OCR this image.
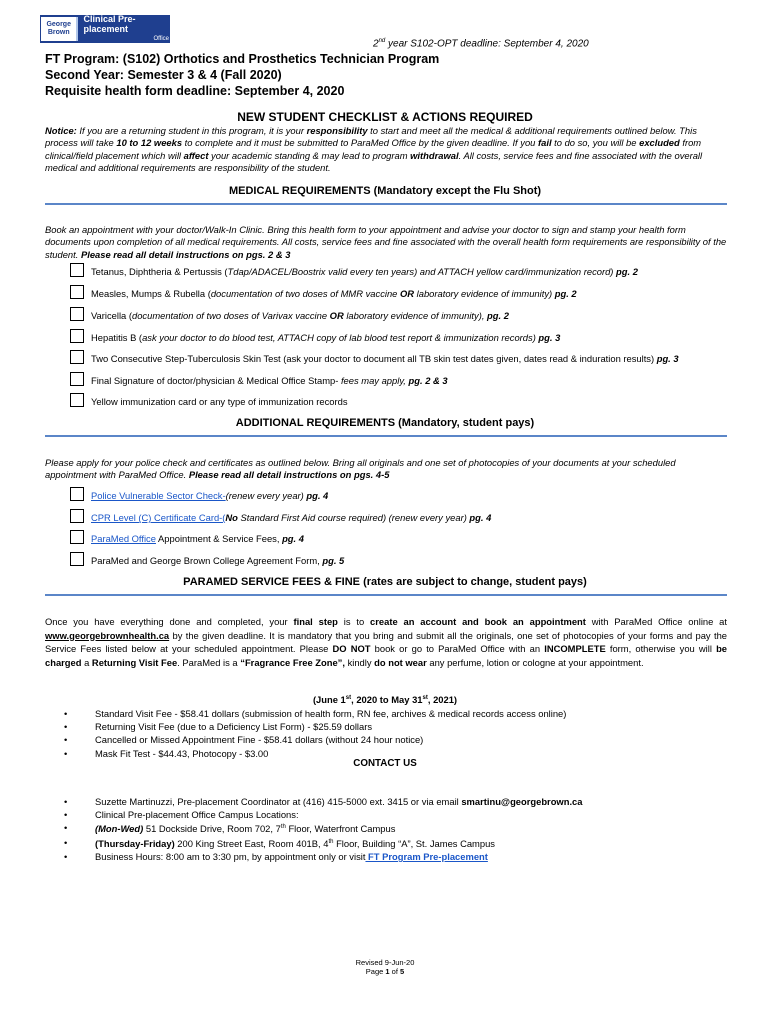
George Brown
Clinical Pre-placement
Office	2nd year S102-OPT deadline: September 4, 2020
FT Program: (S102) Orthotics and Prosthetics Technician Program
Second Year: Semester 3 & 4 (Fall 2020)
Requisite health form deadline: September 4, 2020
NEW STUDENT CHECKLIST & ACTIONS REQUIRED
Notice: If you are a returning student in this program, it is your responsibility to start and meet all the medical & additional requirements outlined below. This process will take 10 to 12 weeks to complete and it must be submitted to ParaMed Office by the given deadline. If you fail to do so, you will be excluded from clinical/field placement which will affect your academic standing & may lead to program withdrawal. All costs, service fees and fine associated with the overall medical and additional requirements are responsibility of the student.
MEDICAL REQUIREMENTS (Mandatory except the Flu Shot)
Book an appointment with your doctor/Walk-In Clinic. Bring this health form to your appointment and advise your doctor to sign and stamp your health form documents upon completion of all medical requirements. All costs, service fees and fine associated with the overall health form requirements are responsibility of the student. Please read all detail instructions on pgs. 2 & 3
Tetanus, Diphtheria & Pertussis (Tdap/ADACEL/Boostrix valid every ten years) and ATTACH yellow card/immunization record) pg. 2
Measles, Mumps & Rubella (documentation of two doses of MMR vaccine OR laboratory evidence of immunity) pg. 2
Varicella (documentation of two doses of Varivax vaccine OR laboratory evidence of immunity), pg. 2
Hepatitis B (ask your doctor to do blood test, ATTACH copy of lab blood test report & immunization records) pg. 3
Two Consecutive Step-Tuberculosis Skin Test (ask your doctor to document all TB skin test dates given, dates read & induration results) pg. 3
Final Signature of doctor/physician & Medical Office Stamp- fees may apply, pg. 2 & 3
Yellow immunization card or any type of immunization records
ADDITIONAL REQUIREMENTS (Mandatory, student pays)
Please apply for your police check and certificates as outlined below. Bring all originals and one set of photocopies of your documents at your scheduled appointment with ParaMed Office. Please read all detail instructions on pgs. 4-5
Police Vulnerable Sector Check-(renew every year) pg. 4
CPR Level (C) Certificate Card-(No Standard First Aid course required) (renew every year) pg. 4
ParaMed Office Appointment & Service Fees, pg. 4
ParaMed and George Brown College Agreement Form, pg. 5
PARAMED SERVICE FEES & FINE (rates are subject to change, student pays)
Once you have everything done and completed, your final step is to create an account and book an appointment with ParaMed Office online at www.georgebrownhealth.ca by the given deadline. It is mandatory that you bring and submit all the originals, one set of photocopies of your forms and pay the Service Fees listed below at your scheduled appointment. Please DO NOT book or go to ParaMed Office with an INCOMPLETE form, otherwise you will be charged a Returning Visit Fee. ParaMed is a “Fragrance Free Zone”, kindly do not wear any perfume, lotion or cologne at your appointment.
(June 1st, 2020 to May 31st, 2021)
• Standard Visit Fee - $58.41 dollars (submission of health form, RN fee, archives & medical records access online)
• Returning Visit Fee (due to a Deficiency List Form) - $25.59 dollars
• Cancelled or Missed Appointment Fine - $58.41 dollars (without 24 hour notice)
• Mask Fit Test - $44.43, Photocopy - $3.00
CONTACT US
• Suzette Martinuzzi, Pre-placement Coordinator at (416) 415-5000 ext. 3415 or via email smartinu@georgebrown.ca
• Clinical Pre-placement Office Campus Locations:
• (Mon-Wed) 51 Dockside Drive, Room 702, 7th Floor, Waterfront Campus
• (Thursday-Friday) 200 King Street East, Room 401B, 4th Floor, Building “A”, St. James Campus
• Business Hours: 8:00 am to 3:30 pm, by appointment only or visit FT Program Pre-placement
Revised 9-Jun-20
Page 1 of 5
